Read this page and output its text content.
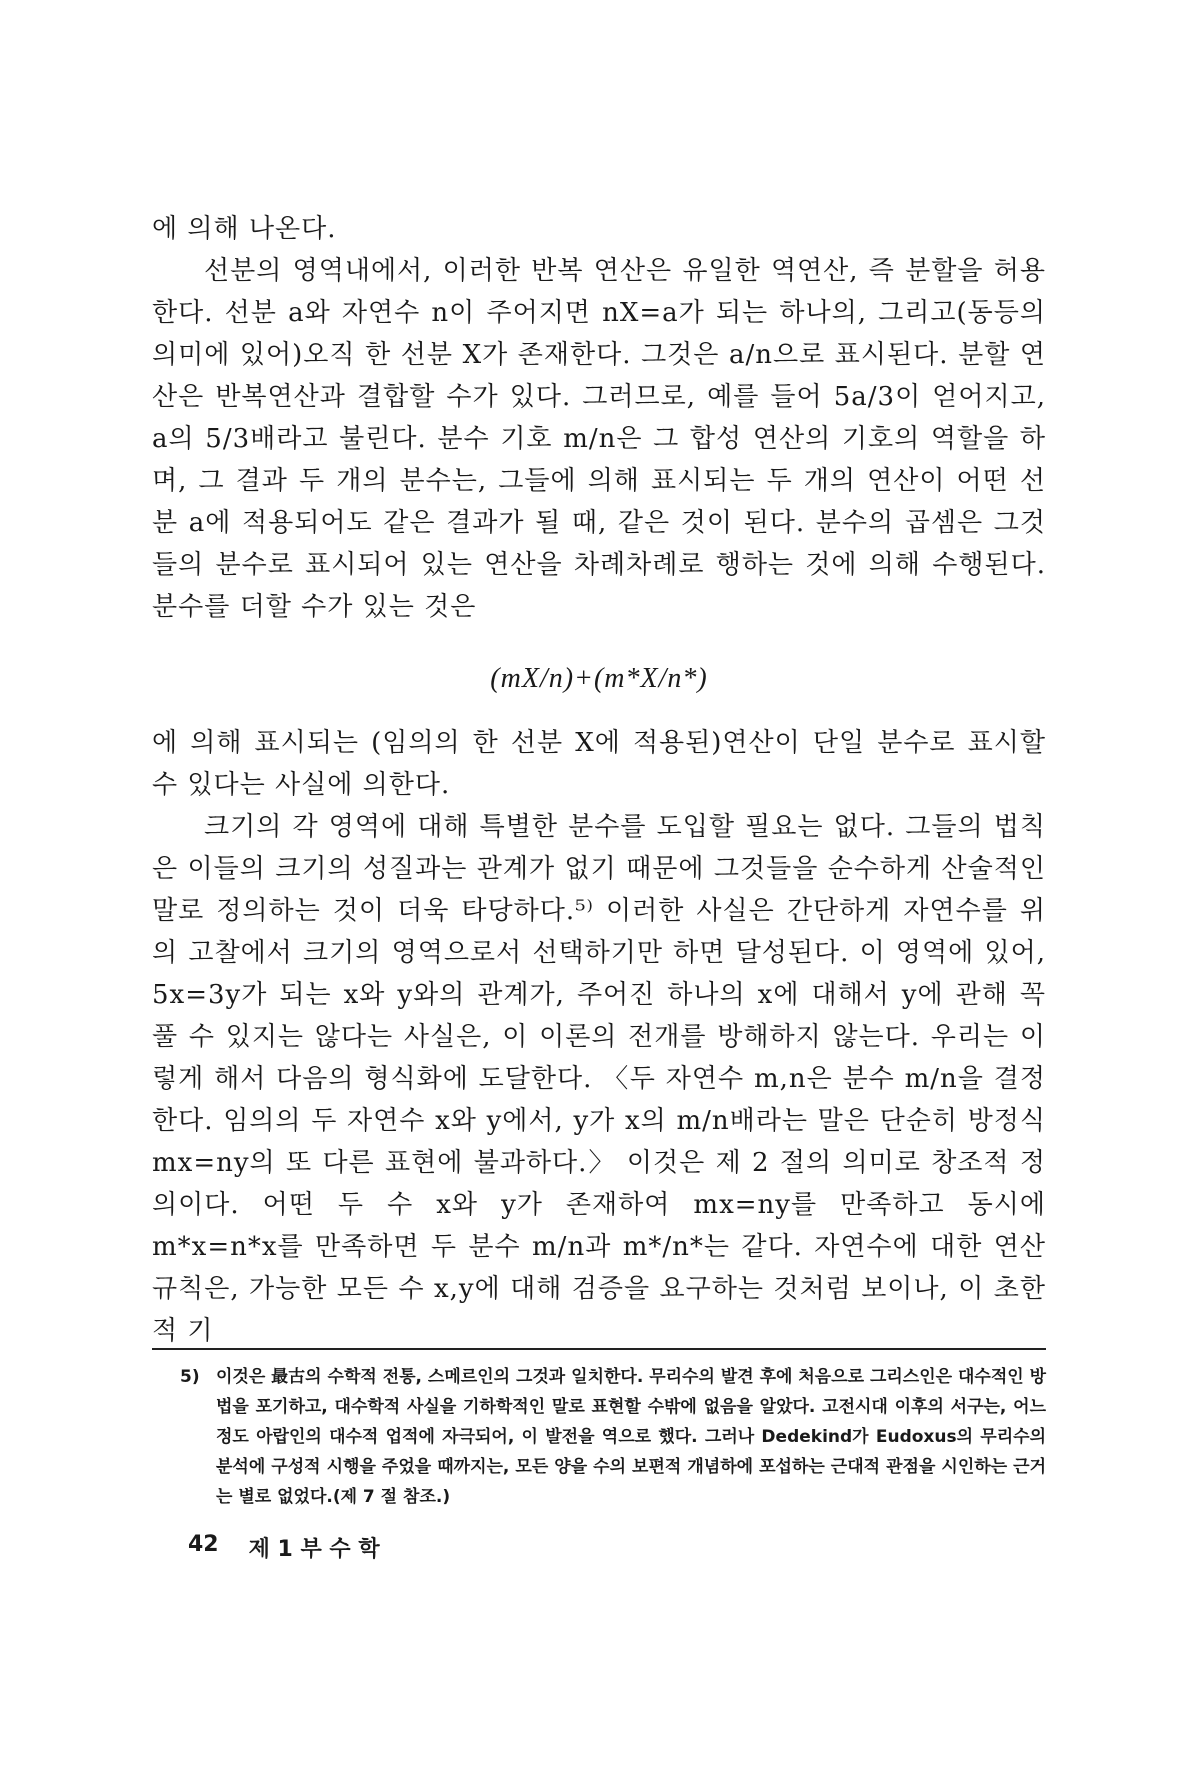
에 의해 나온다.

선분의 영역내에서, 이러한 반복 연산은 유일한 역연산, 즉 분할을 허용한다. 선분 a와 자연수 n이 주어지면 nX=a가 되는 하나의, 그리고(동등의 의미에 있어)오직 한 선분 X가 존재한다. 그것은 a/n으로 표시된다. 분할 연산은 반복연산과 결합할 수가 있다. 그러므로, 예를 들어 5a/3이 얻어지고, a의 5/3배라고 불린다. 분수 기호 m/n은 그 합성 연산의 기호의 역할을 하며, 그 결과 두 개의 분수는, 그들에 의해 표시되는 두 개의 연산이 어떤 선분 a에 적용되어도 같은 결과가 될 때, 같은 것이 된다. 분수의 곱셈은 그것들의 분수로 표시되어 있는 연산을 차례차례로 행하는 것에 의해 수행된다. 분수를 더할 수가 있는 것은

(mX/n)+(m*X/n*)

에 의해 표시되는 (임의의 한 선분 X에 적용된)연산이 단일 분수로 표시할 수 있다는 사실에 의한다.

크기의 각 영역에 대해 특별한 분수를 도입할 필요는 없다. 그들의 법칙은 이들의 크기의 성질과는 관계가 없기 때문에 그것들을 순수하게 산술적인 말로 정의하는 것이 더욱 타당하다.⁵⁾ 이러한 사실은 간단하게 자연수를 위의 고찰에서 크기의 영역으로서 선택하기만 하면 달성된다. 이 영역에 있어, 5x=3y가 되는 x와 y와의 관계가, 주어진 하나의 x에 대해서 y에 관해 꼭 풀 수 있지는 않다는 사실은, 이 이론의 전개를 방해하지 않는다. 우리는 이렇게 해서 다음의 형식화에 도달한다. 〈두 자연수 m,n은 분수 m/n을 결정한다. 임의의 두 자연수 x와 y에서, y가 x의 m/n배라는 말은 단순히 방정식 mx=ny의 또 다른 표현에 불과하다.〉 이것은 제 2 절의 의미로 창조적 정의이다. 어떤 두 수 x와 y가 존재하여 mx=ny를 만족하고 동시에 m*x=n*x를 만족하면 두 분수 m/n과 m*/n*는 같다. 자연수에 대한 연산 규칙은, 가능한 모든 수 x,y에 대해 검증을 요구하는 것처럼 보이나, 이 초한적 기

5) 이것은 最古의 수학적 전통, 스메르인의 그것과 일치한다. 무리수의 발견 후에 처음으로 그리스인은 대수적인 방법을 포기하고, 대수학적 사실을 기하학적인 말로 표현할 수밖에 없음을 알았다. 고전시대 이후의 서구는, 어느 정도 아랍인의 대수적 업적에 자극되어, 이 발전을 역으로 했다. 그러나 Dedekind가 Eudoxus의 무리수의 분석에 구성적 시행을 주었을 때까지는, 모든 양을 수의 보편적 개념하에 포섭하는 근대적 관점을 시인하는 근거는 별로 없었다.(제 7 절 참조.)
42 제 1 부 수 학
